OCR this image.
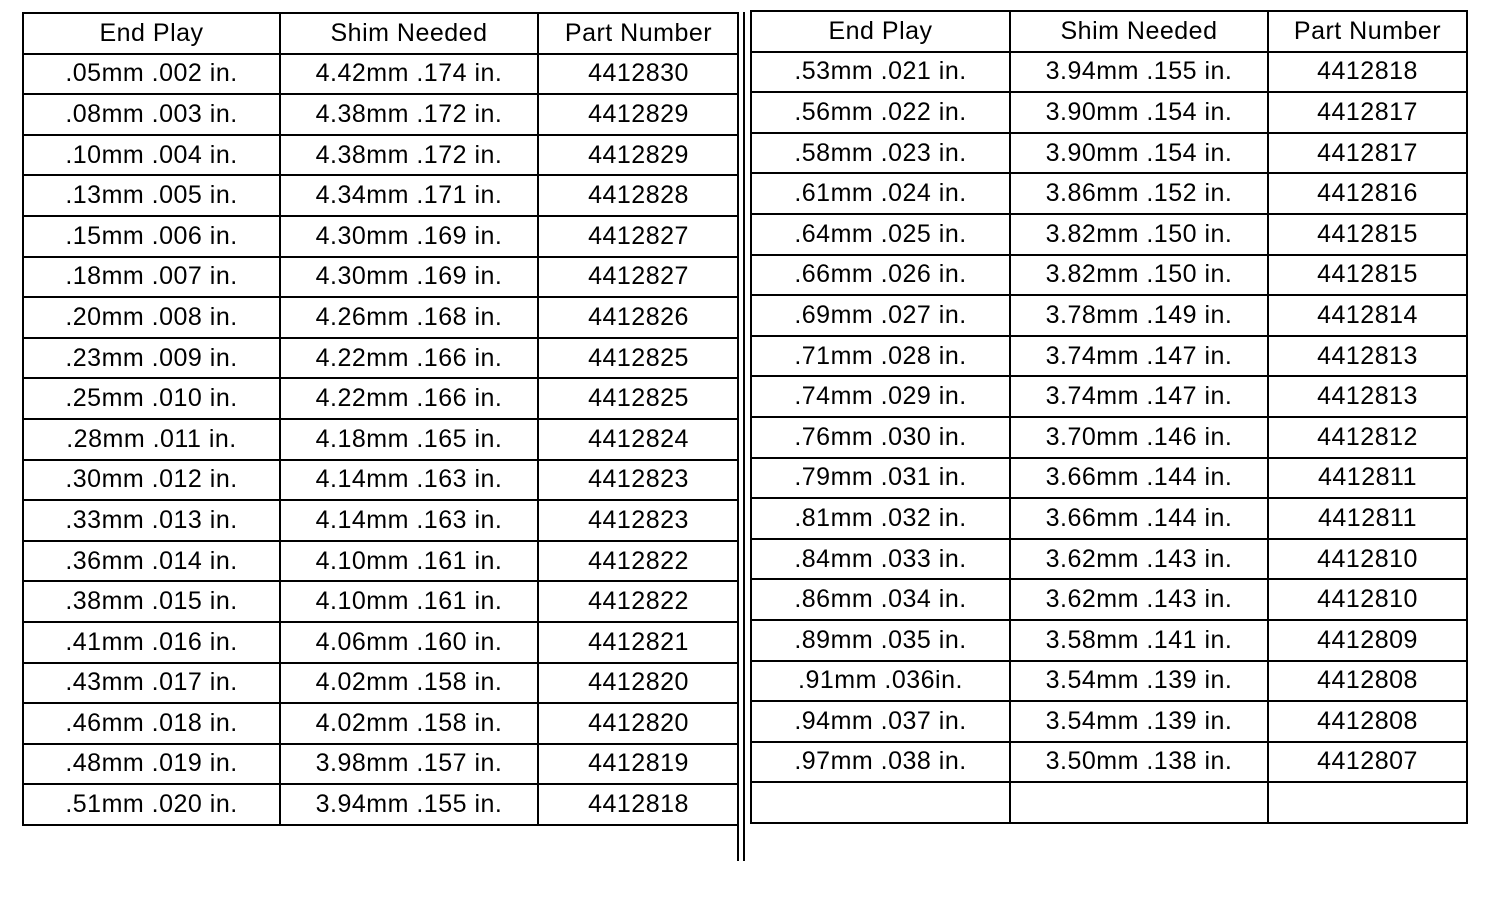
End Play	Shim Needed	Part Number
.05mm .002 in.	4.42mm .174 in.	4412830
.08mm .003 in.	4.38mm .172 in.	4412829
.10mm .004 in.	4.38mm .172 in.	4412829
.13mm .005 in.	4.34mm .171 in.	4412828
.15mm .006 in.	4.30mm .169 in.	4412827
.18mm .007 in.	4.30mm .169 in.	4412827
.20mm .008 in.	4.26mm .168 in.	4412826
.23mm .009 in.	4.22mm .166 in.	4412825
.25mm .010 in.	4.22mm .166 in.	4412825
.28mm .011 in.	4.18mm .165 in.	4412824
.30mm .012 in.	4.14mm .163 in.	4412823
.33mm .013 in.	4.14mm .163 in.	4412823
.36mm .014 in.	4.10mm .161 in.	4412822
.38mm .015 in.	4.10mm .161 in.	4412822
.41mm .016 in.	4.06mm .160 in.	4412821
.43mm .017 in.	4.02mm .158 in.	4412820
.46mm .018 in.	4.02mm .158 in.	4412820
.48mm .019 in.	3.98mm .157 in.	4412819
.51mm .020 in.	3.94mm .155 in.	4412818
End Play	Shim Needed	Part Number
.53mm .021 in.	3.94mm .155 in.	4412818
.56mm .022 in.	3.90mm .154 in.	4412817
.58mm .023 in.	3.90mm .154 in.	4412817
.61mm .024 in.	3.86mm .152 in.	4412816
.64mm .025 in.	3.82mm .150 in.	4412815
.66mm .026 in.	3.82mm .150 in.	4412815
.69mm .027 in.	3.78mm .149 in.	4412814
.71mm .028 in.	3.74mm .147 in.	4412813
.74mm .029 in.	3.74mm .147 in.	4412813
.76mm .030 in.	3.70mm .146 in.	4412812
.79mm .031 in.	3.66mm .144 in.	4412811
.81mm .032 in.	3.66mm .144 in.	4412811
.84mm .033 in.	3.62mm .143 in.	4412810
.86mm .034 in.	3.62mm .143 in.	4412810
.89mm .035 in.	3.58mm .141 in.	4412809
.91mm .036in.	3.54mm .139 in.	4412808
.94mm .037 in.	3.54mm .139 in.	4412808
.97mm .038 in.	3.50mm .138 in.	4412807
